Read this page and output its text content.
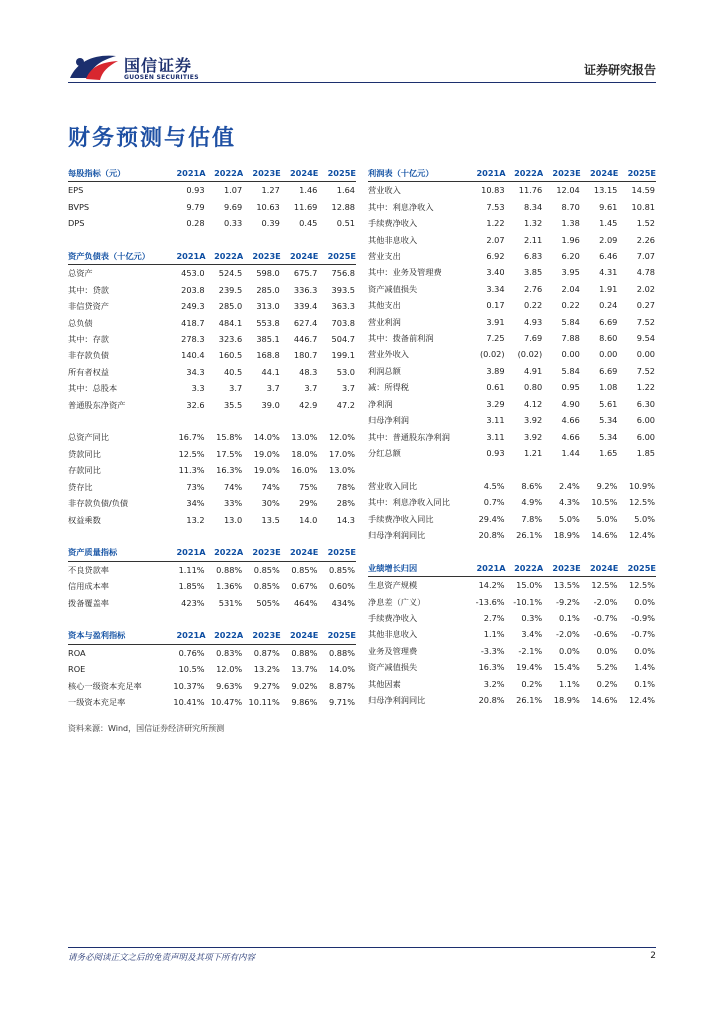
国信证券
GUOSEN SECURITIES
证券研究报告
财务预测与估值
每股指标（元）	2021A	2022A	2023E	2024E	2025E
EPS	0.93	1.07	1.27	1.46	1.64
BVPS	9.79	9.69	10.63	11.69	12.88
DPS	0.28	0.33	0.39	0.45	0.51

资产负债表（十亿元）	2021A	2022A	2023E	2024E	2025E
总资产	453.0	524.5	598.0	675.7	756.8
其中：贷款	203.8	239.5	285.0	336.3	393.5
非信贷资产	249.3	285.0	313.0	339.4	363.3
总负债	418.7	484.1	553.8	627.4	703.8
其中：存款	278.3	323.6	385.1	446.7	504.7
非存款负债	140.4	160.5	168.8	180.7	199.1
所有者权益	34.3	40.5	44.1	48.3	53.0
其中：总股本	3.3	3.7	3.7	3.7	3.7
普通股东净资产	32.6	35.5	39.0	42.9	47.2

总资产同比	16.7%	15.8%	14.0%	13.0%	12.0%
贷款同比	12.5%	17.5%	19.0%	18.0%	17.0%
存款同比	11.3%	16.3%	19.0%	16.0%	13.0%
贷存比	73%	74%	74%	75%	78%
非存款负债/负债	34%	33%	30%	29%	28%
权益乘数	13.2	13.0	13.5	14.0	14.3

资产质量指标	2021A	2022A	2023E	2024E	2025E
不良贷款率	1.11%	0.88%	0.85%	0.85%	0.85%
信用成本率	1.85%	1.36%	0.85%	0.67%	0.60%
拨备覆盖率	423%	531%	505%	464%	434%

资本与盈利指标	2021A	2022A	2023E	2024E	2025E
ROA	0.76%	0.83%	0.87%	0.88%	0.88%
ROE	10.5%	12.0%	13.2%	13.7%	14.0%
核心一级资本充足率	10.37%	9.63%	9.27%	9.02%	8.87%
一级资本充足率	10.41%	10.47%	10.11%	9.86%	9.71%
利润表（十亿元）	2021A	2022A	2023E	2024E	2025E
营业收入	10.83	11.76	12.04	13.15	14.59
其中：利息净收入	7.53	8.34	8.70	9.61	10.81
手续费净收入	1.22	1.32	1.38	1.45	1.52
其他非息收入	2.07	2.11	1.96	2.09	2.26
营业支出	6.92	6.83	6.20	6.46	7.07
其中：业务及管理费	3.40	3.85	3.95	4.31	4.78
资产减值损失	3.34	2.76	2.04	1.91	2.02
其他支出	0.17	0.22	0.22	0.24	0.27
营业利润	3.91	4.93	5.84	6.69	7.52
其中：拨备前利润	7.25	7.69	7.88	8.60	9.54
营业外收入	(0.02)	(0.02)	0.00	0.00	0.00
利润总额	3.89	4.91	5.84	6.69	7.52
减：所得税	0.61	0.80	0.95	1.08	1.22
净利润	3.29	4.12	4.90	5.61	6.30
归母净利润	3.11	3.92	4.66	5.34	6.00
其中：普通股东净利润	3.11	3.92	4.66	5.34	6.00
分红总额	0.93	1.21	1.44	1.65	1.85

营业收入同比	4.5%	8.6%	2.4%	9.2%	10.9%
其中：利息净收入同比	0.7%	4.9%	4.3%	10.5%	12.5%
手续费净收入同比	29.4%	7.8%	5.0%	5.0%	5.0%
归母净利润同比	20.8%	26.1%	18.9%	14.6%	12.4%

业绩增长归因	2021A	2022A	2023E	2024E	2025E
生息资产规模	14.2%	15.0%	13.5%	12.5%	12.5%
净息差（广义）	-13.6%	-10.1%	-9.2%	-2.0%	0.0%
手续费净收入	2.7%	0.3%	0.1%	-0.7%	-0.9%
其他非息收入	1.1%	3.4%	-2.0%	-0.6%	-0.7%
业务及管理费	-3.3%	-2.1%	0.0%	0.0%	0.0%
资产减值损失	16.3%	19.4%	15.4%	5.2%	1.4%
其他因素	3.2%	0.2%	1.1%	0.2%	0.1%
归母净利润同比	20.8%	26.1%	18.9%	14.6%	12.4%
资料来源：Wind，国信证券经济研究所预测
请务必阅读正文之后的免责声明及其项下所有内容	2
